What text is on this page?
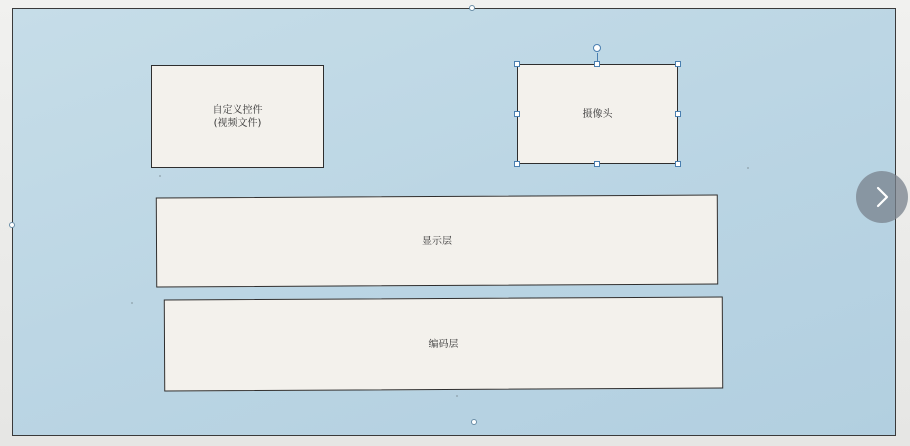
自定义控件
(视频文件)
摄像头
显示层
编码层
